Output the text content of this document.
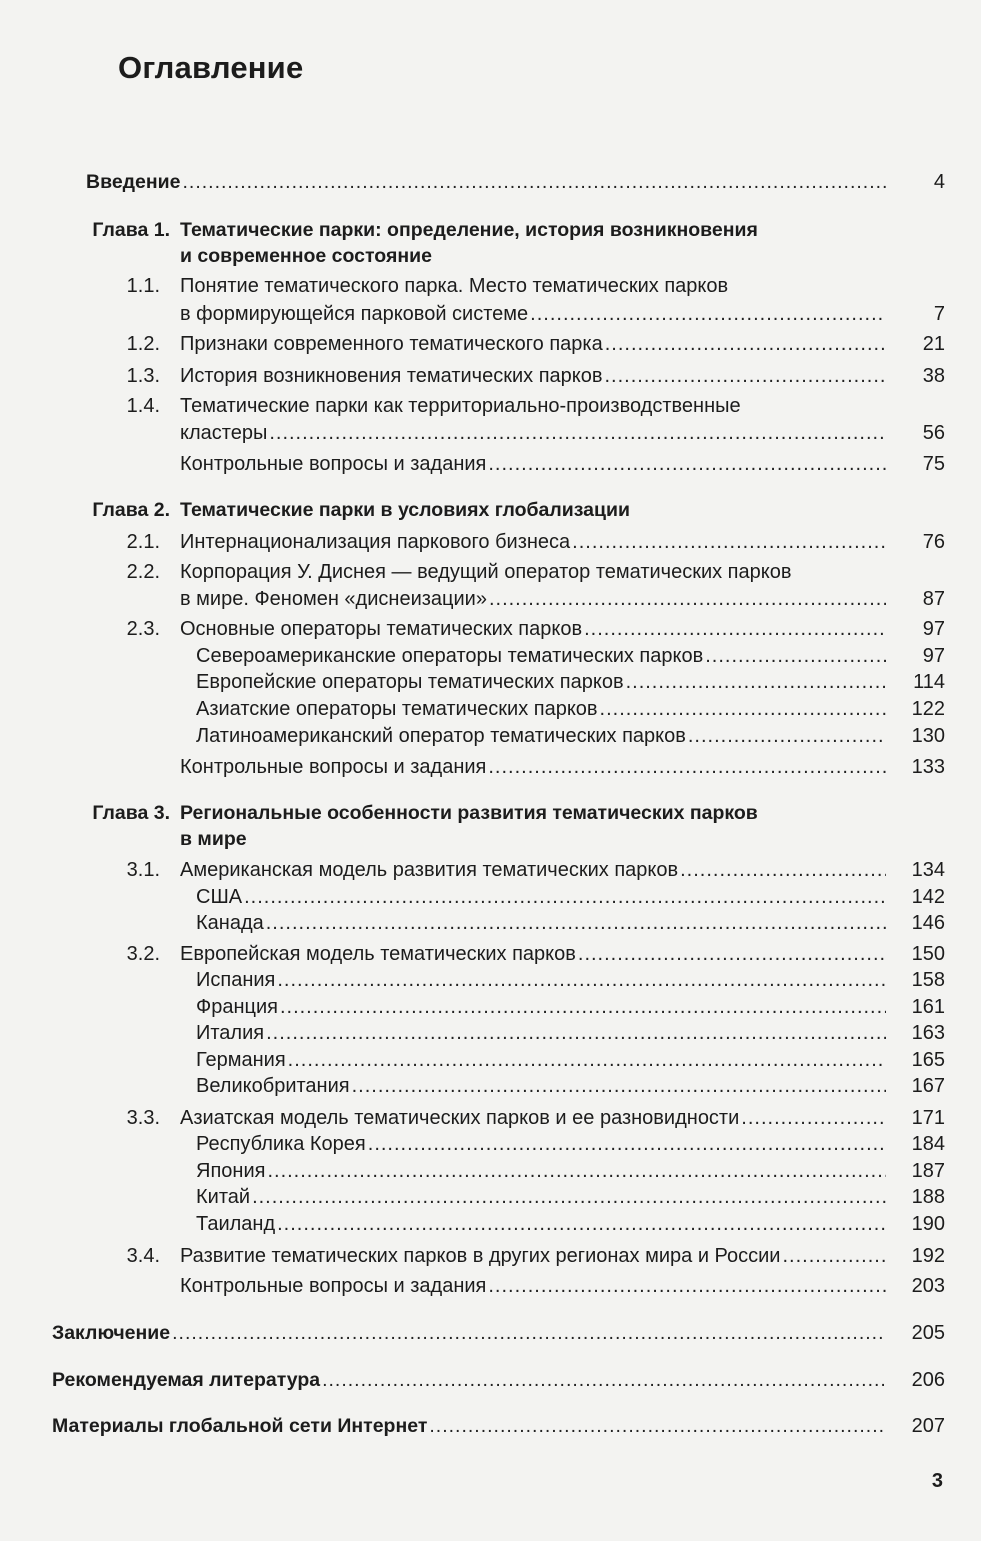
Оглавление
Введение .....	4
Глава 1. Тематические парки: определение, история возникновения
и современное состояние
1.1. Понятие тематического парка. Место тематических парков
в формирующейся парковой системе .....	7
1.2. Признаки современного тематического парка .....	21
1.3. История возникновения тематических парков .....	38
1.4. Тематические парки как территориально-производственные
кластеры .....	56
Контрольные вопросы и задания .....	75
Глава 2. Тематические парки в условиях глобализации
2.1. Интернационализация паркового бизнеса .....	76
2.2. Корпорация У. Диснея — ведущий оператор тематических парков
в мире. Феномен «диснеизации» .....	87
2.3. Основные операторы тематических парков .....	97
Североамериканские операторы тематических парков .....	97
Европейские операторы тематических парков .....	114
Азиатские операторы тематических парков .....	122
Латиноамериканский оператор тематических парков .....	130
Контрольные вопросы и задания .....	133
Глава 3. Региональные особенности развития тематических парков
в мире
3.1. Американская модель развития тематических парков .....	134
США .....	142
Канада .....	146
3.2. Европейская модель тематических парков .....	150
Испания .....	158
Франция .....	161
Италия .....	163
Германия .....	165
Великобритания .....	167
3.3. Азиатская модель тематических парков и ее разновидности .....	171
Республика Корея .....	184
Япония .....	187
Китай .....	188
Таиланд .....	190
3.4. Развитие тематических парков в других регионах мира и России .....	192
Контрольные вопросы и задания .....	203
Заключение .....	205
Рекомендуемая литература .....	206
Материалы глобальной сети Интернет .....	207
3
